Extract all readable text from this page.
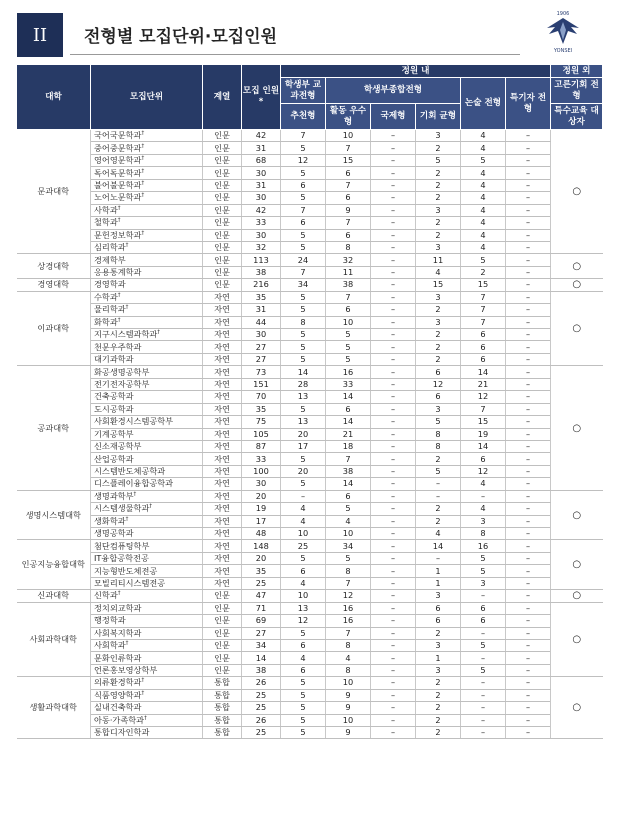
II	전형별 모집단위·모집인원
1906
YONSEI
대학	모집단위	계열	모집 인원*	정원 내						정원 외
				학생부 교과전형	학생부종합전형			논술 전형	특기자 전형	고른기회 전형
				추천형	활동 우수형	국제형	기회 균형			특수교육 대상자
문과대학	국어국문학과†	인문	42	7	10	–	3	4	–	○
	중어중문학과†	인문	31	5	7	–	2	4	–	
	영어영문학과†	인문	68	12	15	–	5	5	–	
	독어독문학과†	인문	30	5	6	–	2	4	–	
	불어불문학과†	인문	31	6	7	–	2	4	–	
	노어노문학과†	인문	30	5	6	–	2	4	–	
	사학과†	인문	42	7	9	–	3	4	–	
	철학과†	인문	33	6	7	–	2	4	–	
	문헌정보학과†	인문	30	5	6	–	2	4	–	
	심리학과†	인문	32	5	8	–	3	4	–	
상경대학	경제학부	인문	113	24	32	–	11	5	–	○
	응용통계학과	인문	38	7	11	–	4	2	–	
경영대학	경영학과	인문	216	34	38	–	15	15	–	○
이과대학	수학과†	자연	35	5	7	–	3	7	–	○
	물리학과†	자연	31	5	6	–	2	7	–	
	화학과†	자연	44	8	10	–	3	7	–	
	지구시스템과학과†	자연	30	5	5	–	2	6	–	
	천문우주학과	자연	27	5	5	–	2	6	–	
	대기과학과	자연	27	5	5	–	2	6	–	
공과대학	화공생명공학부	자연	73	14	16	–	6	14	–	○
	전기전자공학부	자연	151	28	33	–	12	21	–	
	건축공학과	자연	70	13	14	–	6	12	–	
	도시공학과	자연	35	5	6	–	3	7	–	
	사회환경시스템공학부	자연	75	13	14	–	5	15	–	
	기계공학부	자연	105	20	21	–	8	19	–	
	신소재공학부	자연	87	17	18	–	8	14	–	
	산업공학과	자연	33	5	7	–	2	6	–	
	시스템반도체공학과	자연	100	20	38	–	5	12	–	
	디스플레이융합공학과	자연	30	5	14	–	–	4	–	
생명시스템대학	생명과학부†	자연	20	–	6	–	–	–	–	○
	시스템생물학과†	자연	19	4	5	–	2	4	–	
	생화학과†	자연	17	4	4	–	2	3	–	
	생명공학과	자연	48	10	10	–	4	8	–	
인공지능융합대학	첨단컴퓨팅학부	자연	148	25	34	–	14	16	–	○
	IT융합공학전공	자연	20	5	5	–	–	5	–	
	지능형반도체전공	자연	35	6	8	–	1	5	–	
	모빌리티시스템전공	자연	25	4	7	–	1	3	–	
신과대학	신학과†	인문	47	10	12	–	3	–	–	○
사회과학대학	정치외교학과	인문	71	13	16	–	6	6	–	○
	행정학과	인문	69	12	16	–	6	6	–	
	사회복지학과	인문	27	5	7	–	2	–	–	
	사회학과†	인문	34	6	8	–	3	5	–	
	문화인류학과	인문	14	4	4	–	1	–	–	
	언론홍보영상학부	인문	38	6	8	–	3	5	–	
생활과학대학	의류환경학과†	통합	26	5	10	–	2	–	–	○
	식품영양학과†	통합	25	5	9	–	2	–	–	
	실내건축학과	통합	25	5	9	–	2	–	–	
	아동·가족학과†	통합	26	5	10	–	2	–	–	
	통합디자인학과	통합	25	5	9	–	2	–	–	
